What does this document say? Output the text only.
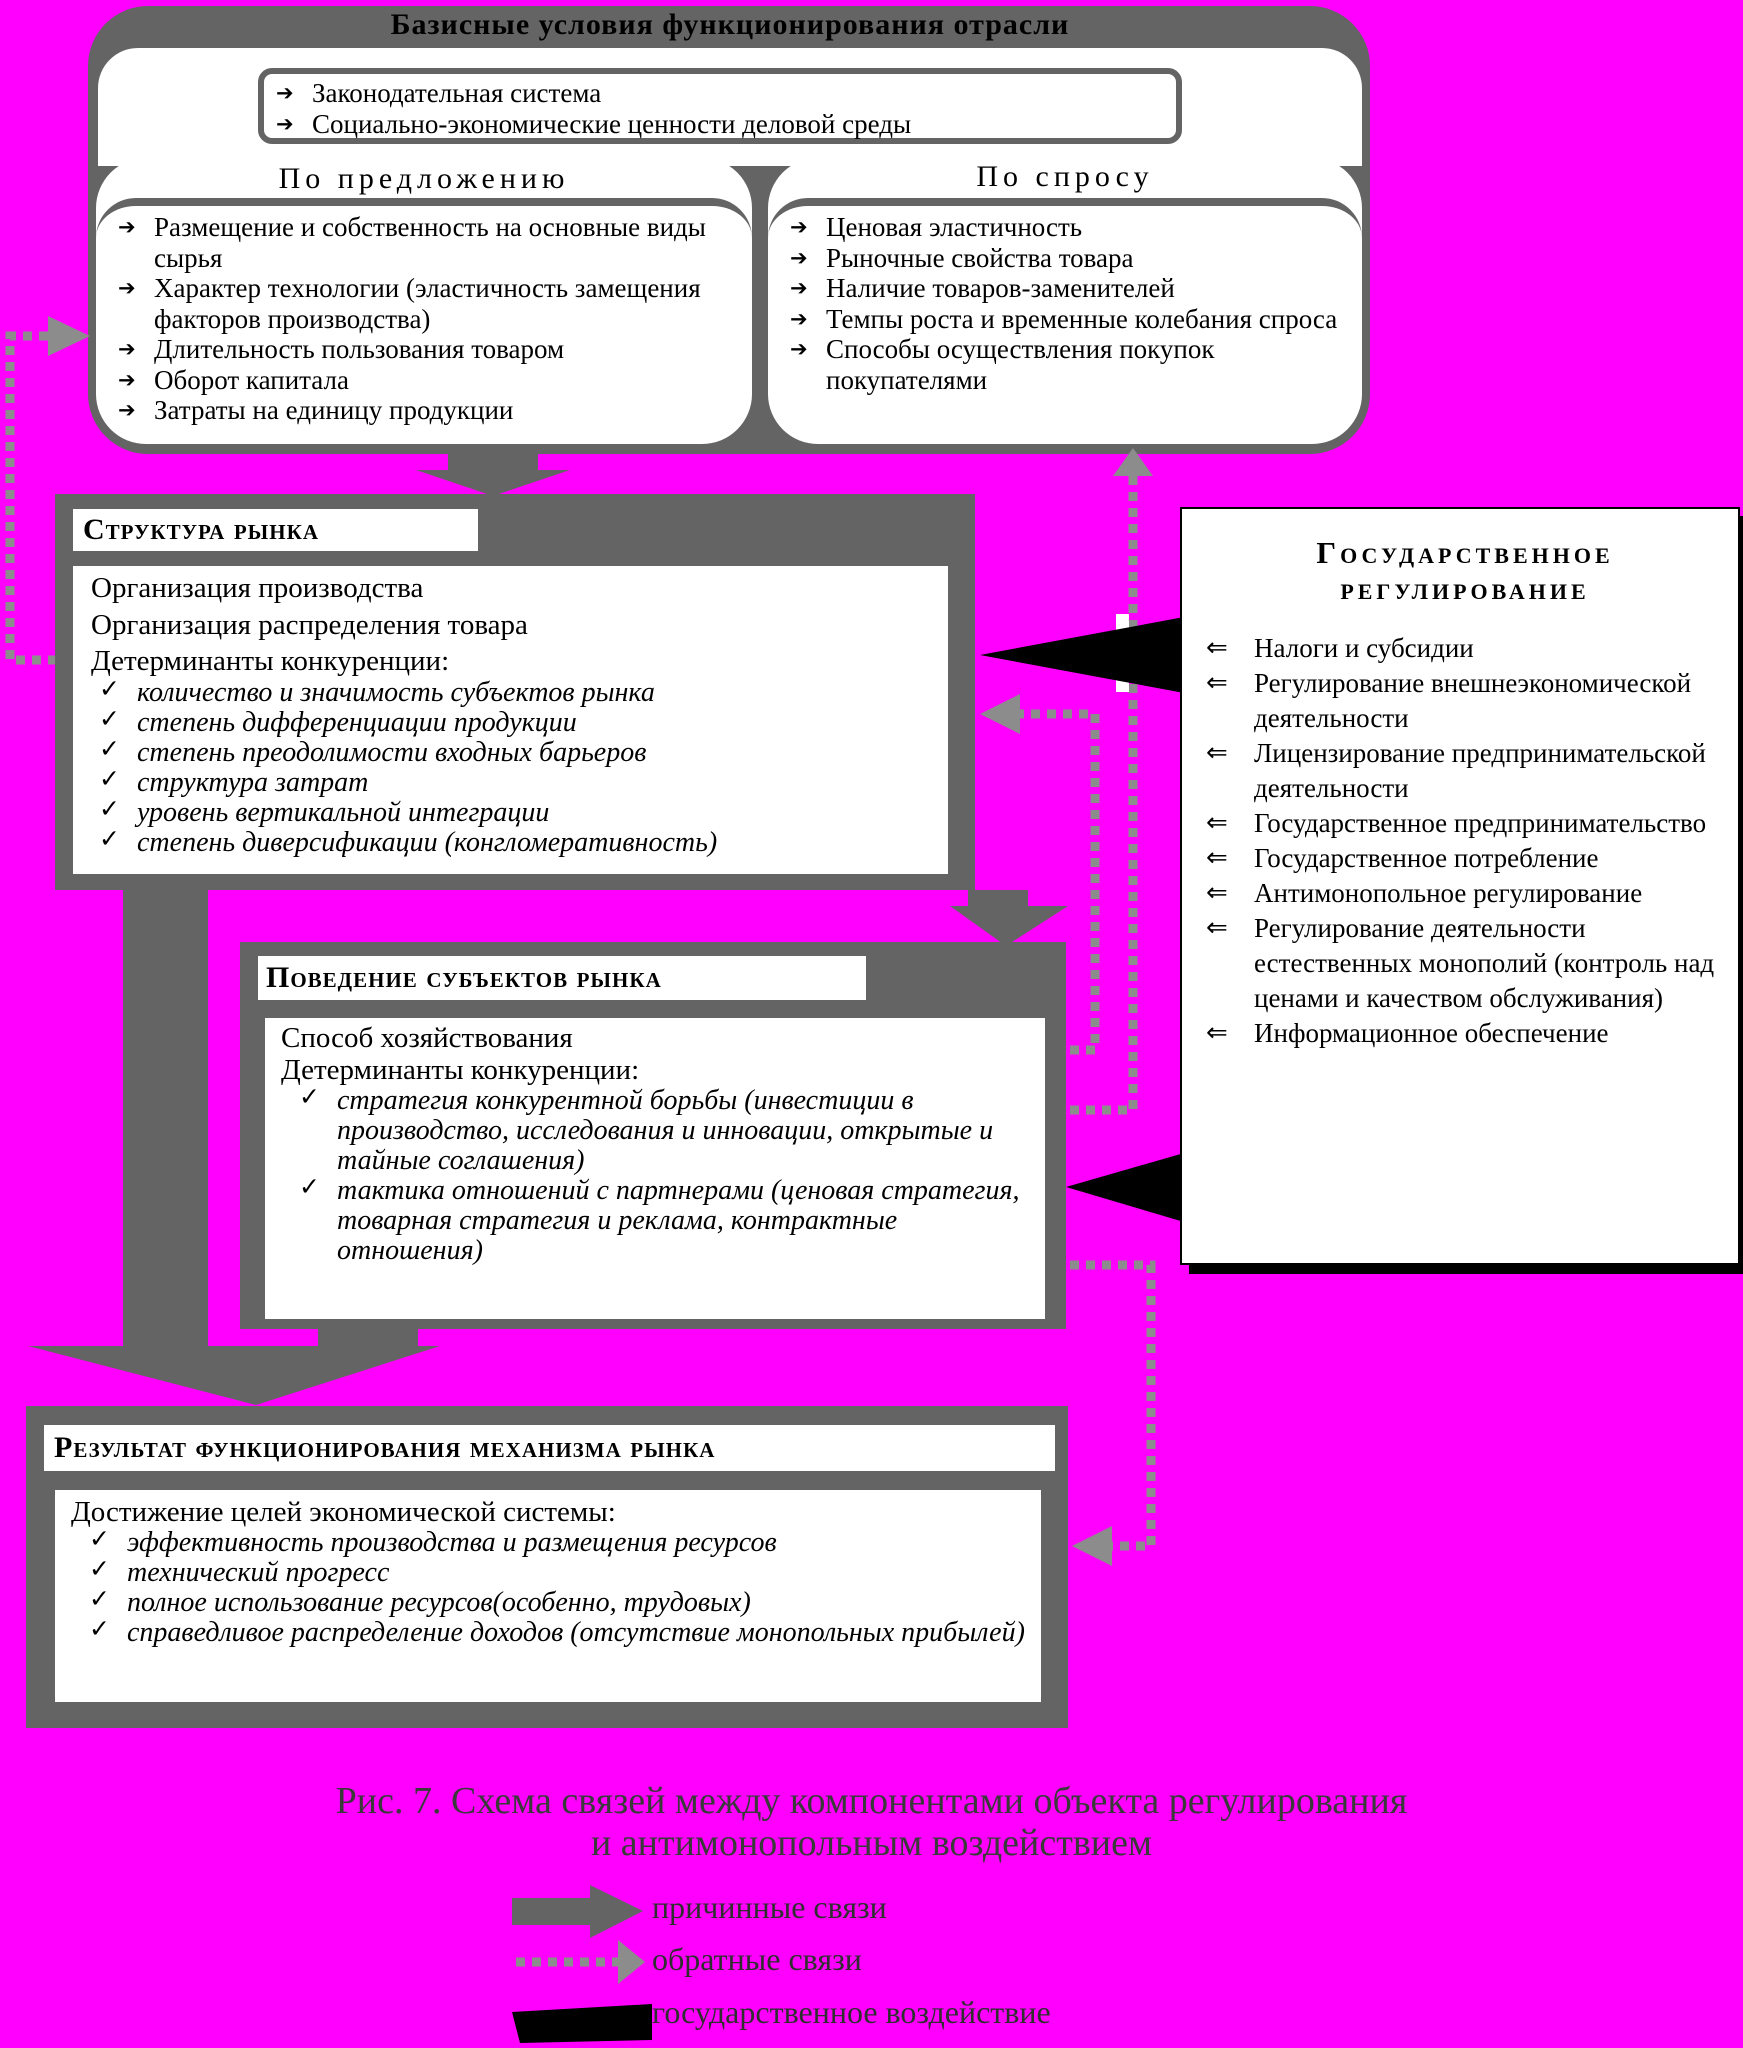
Базисные условия функционирования отрасли
➔ Законодательная система
➔ Социально-экономические ценности деловой среды
По предложению
➔ Размещение и собственность на основные виды сырья
➔ Характер технологии (эластичность замещения факторов производства)
➔ Длительность пользования товаром
➔ Оборот капитала
➔ Затраты на единицу продукции
По спросу
➔ Ценовая эластичность
➔ Рыночные свойства товара
➔ Наличие товаров-заменителей
➔ Темпы роста и временные колебания спроса
➔ Способы осуществления покупок покупателями
Структура рынка
Организация производства
Организация распределения товара
Детерминанты конкуренции:
✓ количество и значимость субъектов рынка
✓ степень дифференциации продукции
✓ степень преодолимости входных барьеров
✓ структура затрат
✓ уровень вертикальной интеграции
✓ степень диверсификации (конгломеративность)
Поведение субъектов рынка
Способ хозяйствования
Детерминанты конкуренции:
✓ стратегия конкурентной борьбы (инвестиции в производство, исследования и инновации, открытые и тайные соглашения)
✓ тактика отношений с партнерами (ценовая стратегия, товарная стратегия и реклама, контрактные отношения)
Результат функционирования механизма рынка
Достижение целей экономической системы:
✓ эффективность производства и размещения ресурсов
✓ технический прогресс
✓ полное использование ресурсов(особенно, трудовых)
✓ справедливое распределение доходов (отсутствие монопольных прибылей)
Государственное
регулирование
⇐ Налоги и субсидии
⇐ Регулирование внешнеэкономической деятельности
⇐ Лицензирование предпринимательской деятельности
⇐ Государственное предпринимательство
⇐ Государственное потребление
⇐ Антимонопольное регулирование
⇐ Регулирование деятельности естественных монополий (контроль над ценами и качеством обслуживания)
⇐ Информационное обеспечение
Рис. 7. Схема связей между компонентами объекта регулирования
и антимонопольным воздействием
причинные связи
обратные связи
государственное воздействие
